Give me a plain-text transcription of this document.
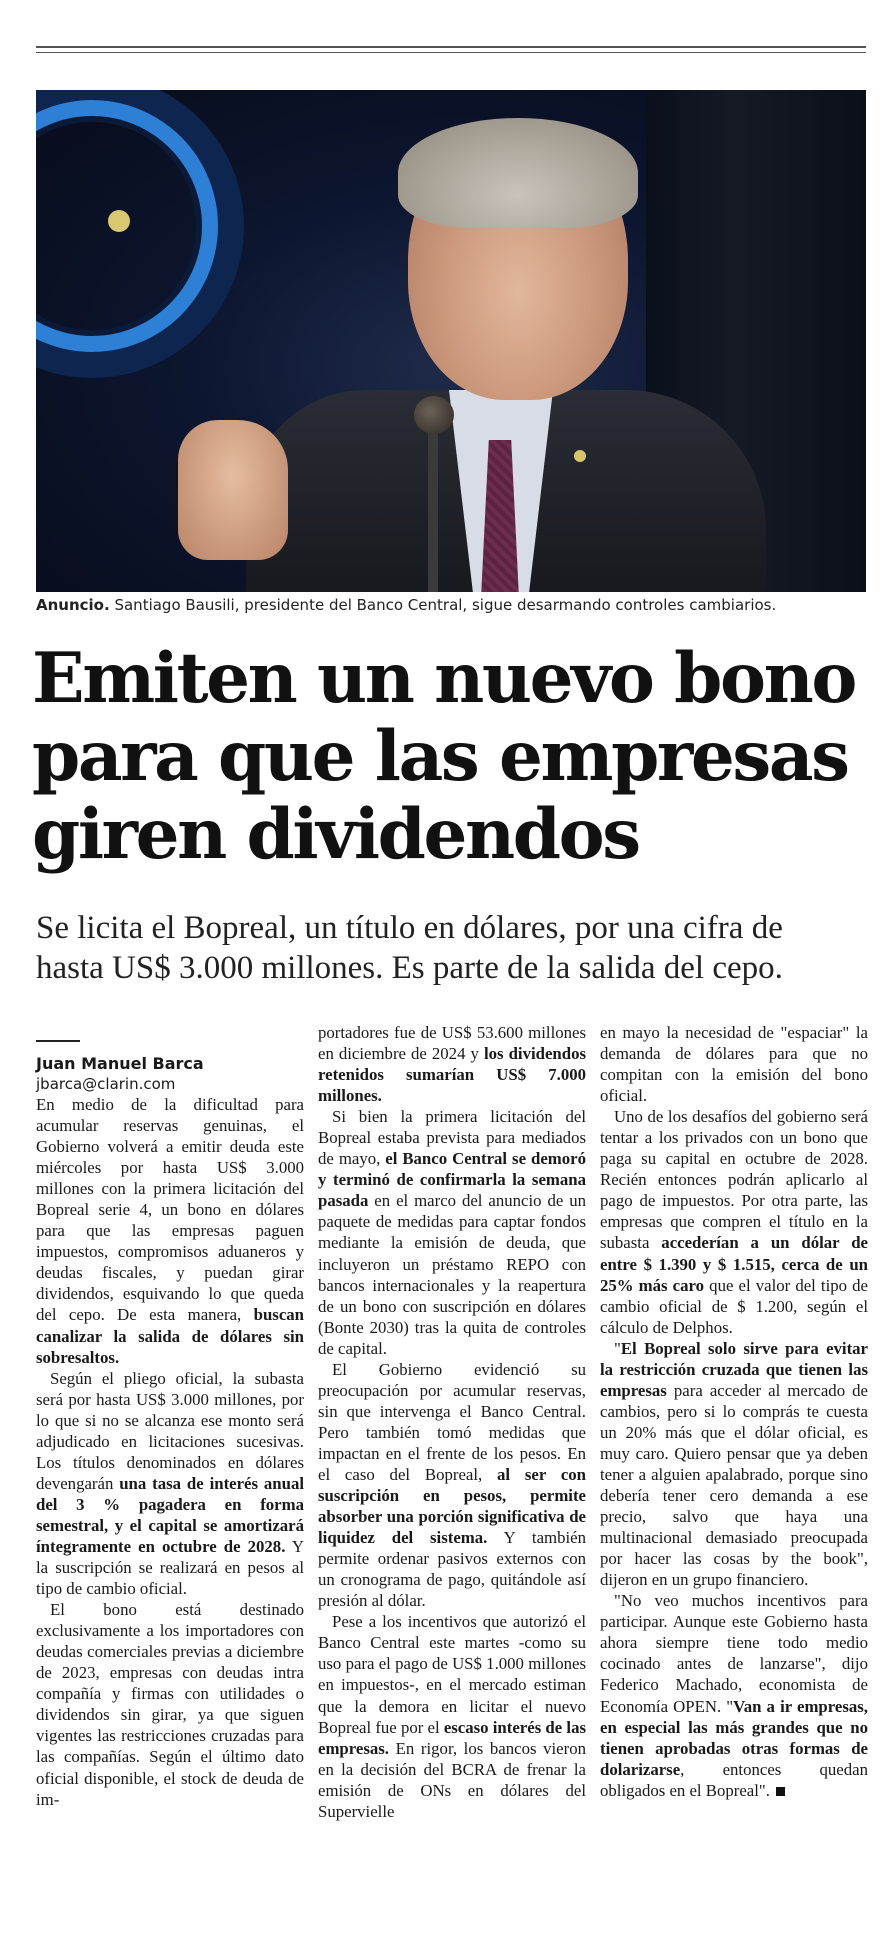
Anuncio. Santiago Bausili, presidente del Banco Central, sigue desarmando controles cambiarios.
Emiten un nuevo bono
para que las empresas
giren dividendos
Se licita el Bopreal, un título en dólares, por una cifra de
hasta US$ 3.000 millones. Es parte de la salida del cepo.

Juan Manuel Barca

jbarca@clarin.com

En medio de la dificultad para acumular reservas genuinas, el Gobierno volverá a emitir deuda este miércoles por hasta US$ 3.000 millones con la primera licitación del Bopreal serie 4, un bono en dólares para que las empresas paguen impuestos, compromisos aduaneros y deudas fiscales, y puedan girar dividendos, esquivando lo que queda del cepo. De esta manera, buscan canalizar la salida de dólares sin sobresaltos.

Según el pliego oficial, la subasta será por hasta US$ 3.000 millones, por lo que si no se alcanza ese monto será adjudicado en licitaciones sucesivas. Los títulos denominados en dólares devengarán una tasa de interés anual del 3 % pagadera en forma semestral, y el capital se amortizará íntegramente en octubre de 2028. Y la suscripción se realizará en pesos al tipo de cambio oficial.

El bono está destinado exclusivamente a los importadores con deudas comerciales previas a diciembre de 2023, empresas con deudas intra compañía y firmas con utilidades o dividendos sin girar, ya que siguen vigentes las restricciones cruzadas para las compañías. Según el último dato oficial disponible, el stock de deuda de im-

portadores fue de US$ 53.600 millones en diciembre de 2024 y los dividendos retenidos sumarían US$ 7.000 millones.

Si bien la primera licitación del Bopreal estaba prevista para mediados de mayo, el Banco Central se demoró y terminó de confirmarla la semana pasada en el marco del anuncio de un paquete de medidas para captar fondos mediante la emisión de deuda, que incluyeron un préstamo REPO con bancos internacionales y la reapertura de un bono con suscripción en dólares (Bonte 2030) tras la quita de controles de capital.

El Gobierno evidenció su preocupación por acumular reservas, sin que intervenga el Banco Central. Pero también tomó medidas que impactan en el frente de los pesos. En el caso del Bopreal, al ser con suscripción en pesos, permite absorber una porción significativa de liquidez del sistema. Y también permite ordenar pasivos externos con un cronograma de pago, quitándole así presión al dólar.

Pese a los incentivos que autorizó el Banco Central este martes -como su uso para el pago de US$ 1.000 millones en impuestos-, en el mercado estiman que la demora en licitar el nuevo Bopreal fue por el escaso interés de las empresas. En rigor, los bancos vieron en la decisión del BCRA de frenar la emisión de ONs en dólares del Supervielle

en mayo la necesidad de "espaciar" la demanda de dólares para que no compitan con la emisión del bono oficial.

Uno de los desafíos del gobierno será tentar a los privados con un bono que paga su capital en octubre de 2028. Recién entonces podrán aplicarlo al pago de impuestos. Por otra parte, las empresas que compren el título en la subasta accederían a un dólar de entre $ 1.390 y $ 1.515, cerca de un 25% más caro que el valor del tipo de cambio oficial de $ 1.200, según el cálculo de Delphos.

"El Bopreal solo sirve para evitar la restricción cruzada que tienen las empresas para acceder al mercado de cambios, pero si lo comprás te cuesta un 20% más que el dólar oficial, es muy caro. Quiero pensar que ya deben tener a alguien apalabrado, porque sino debería tener cero demanda a ese precio, salvo que haya una multinacional demasiado preocupada por hacer las cosas by the book", dijeron en un grupo financiero.

"No veo muchos incentivos para participar. Aunque este Gobierno hasta ahora siempre tiene todo medio cocinado antes de lanzarse", dijo Federico Machado, economista de Economía OPEN. "Van a ir empresas, en especial las más grandes que no tienen aprobadas otras formas de dolarizarse, entonces quedan obligados en el Bopreal".
